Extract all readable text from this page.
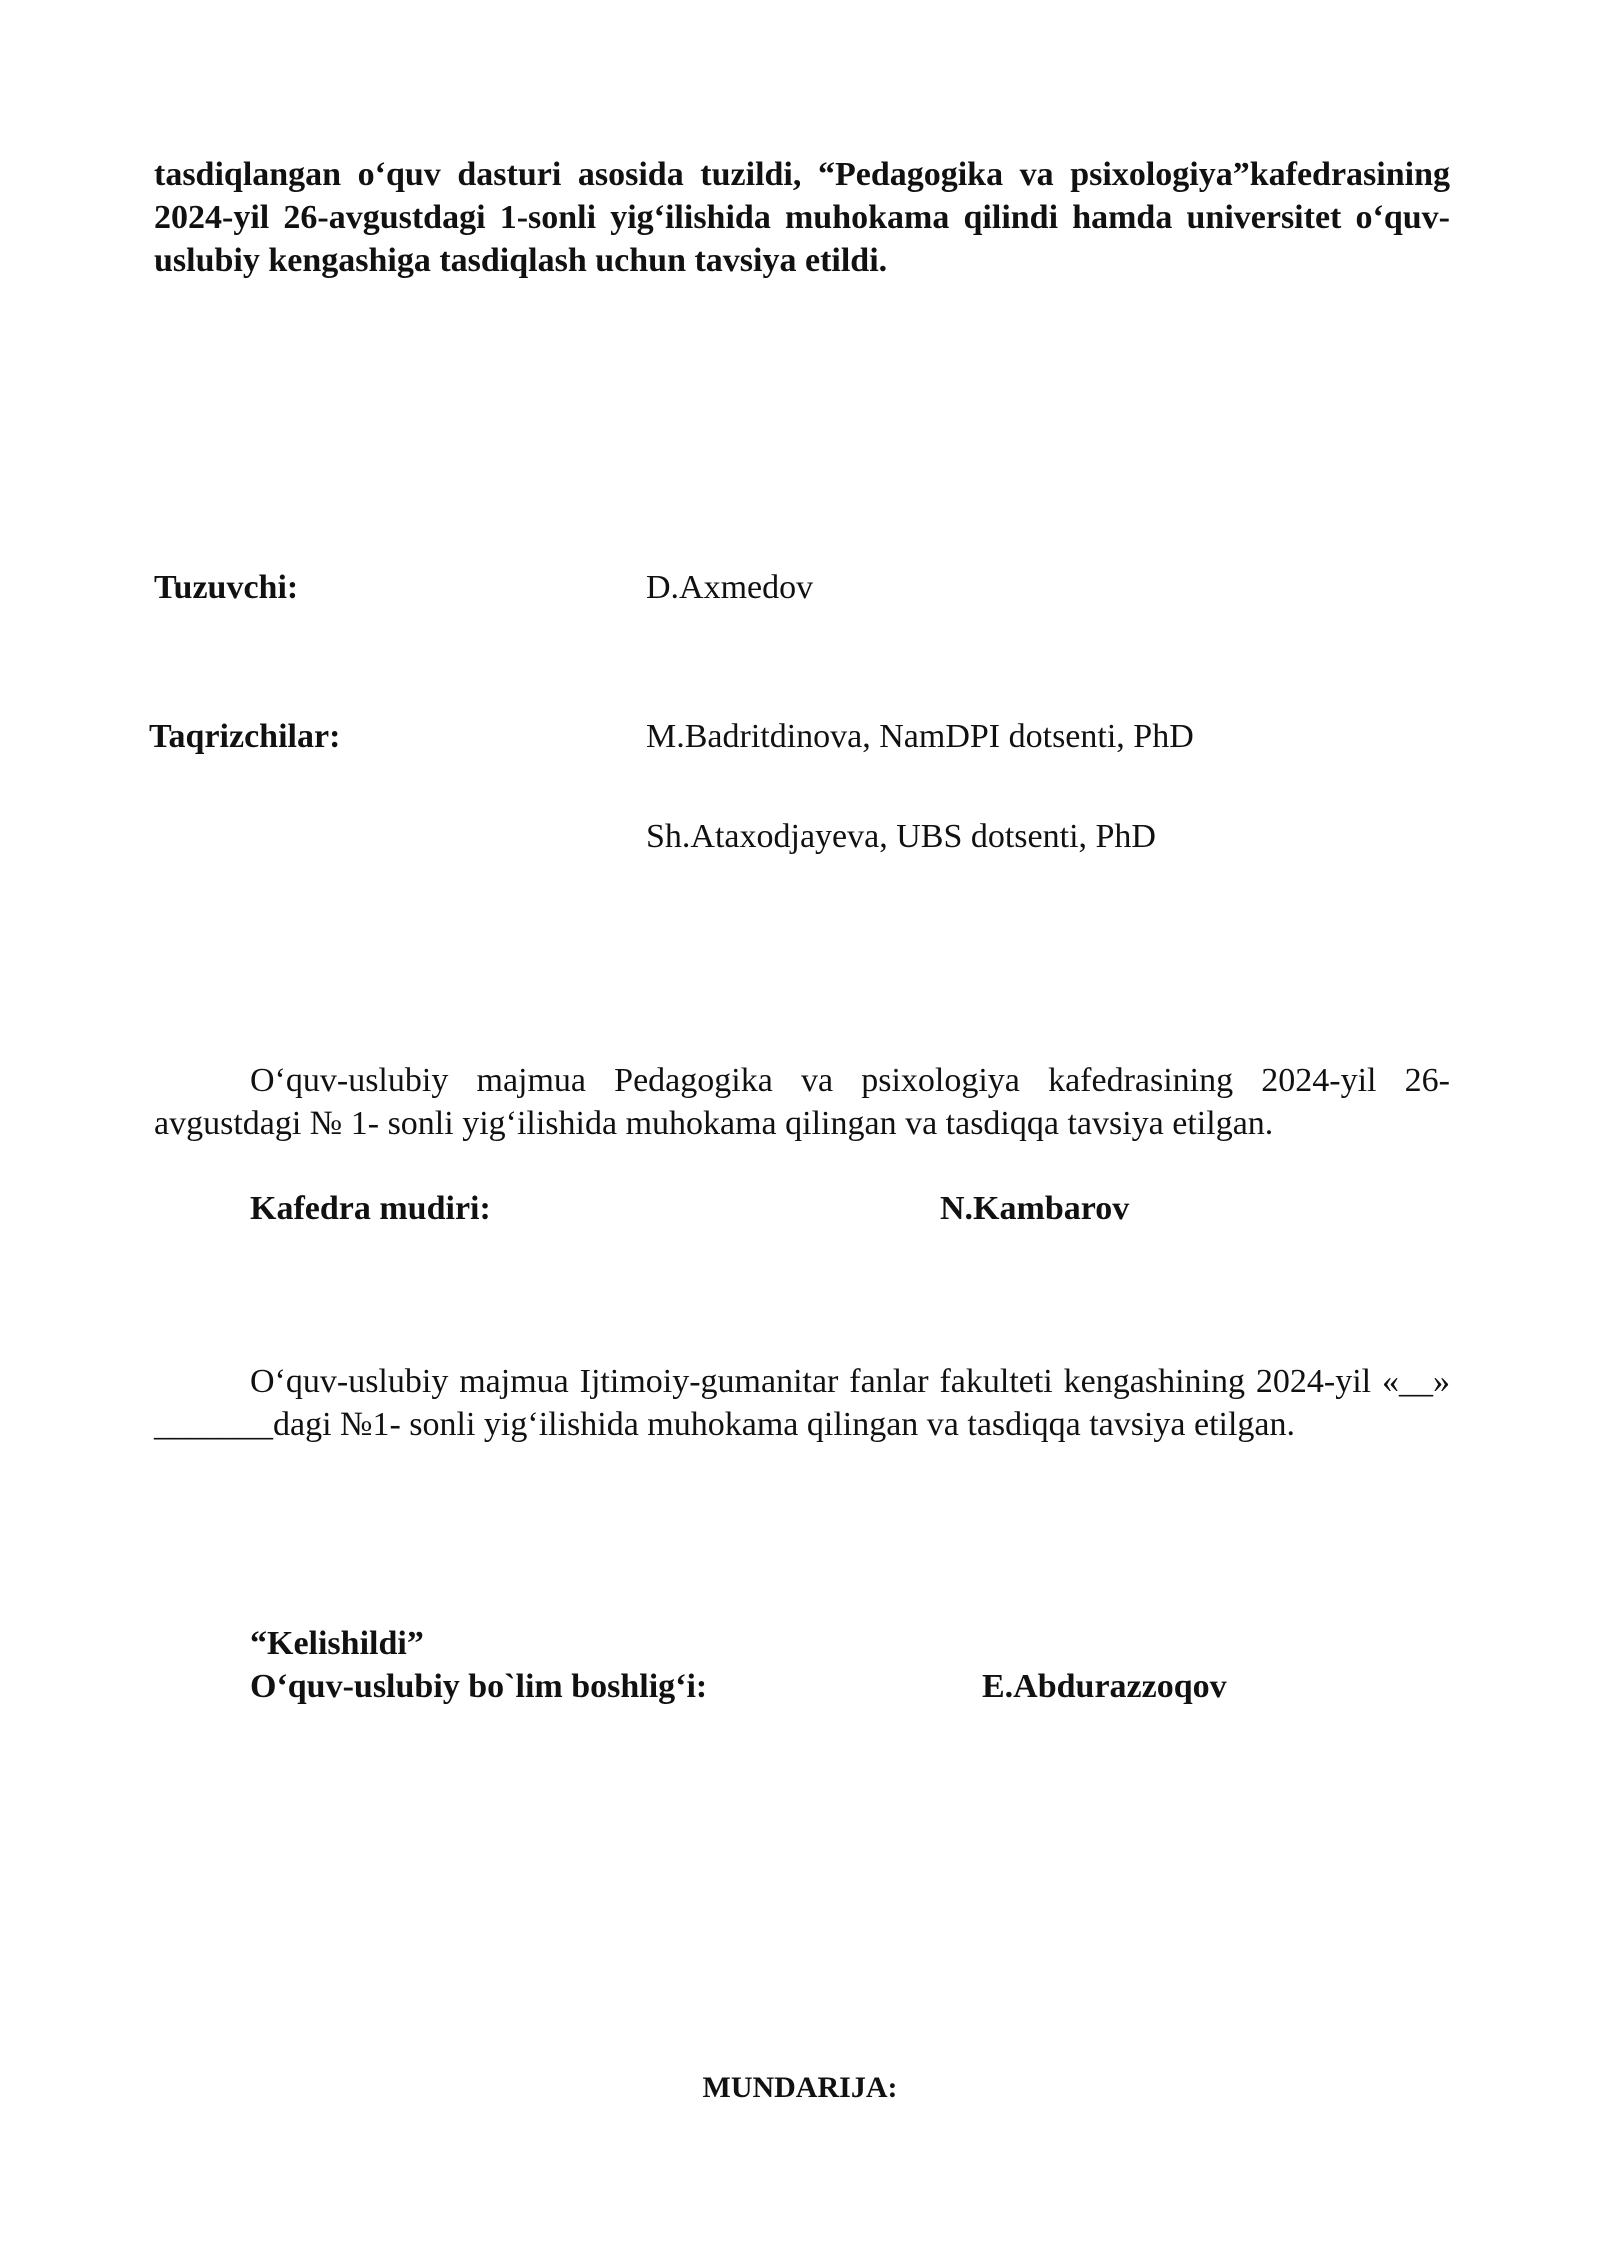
tasdiqlangan o‘quv dasturi asosida tuzildi, “Pedagogika va psixologiya”kafedrasining 2024-yil 26-avgustdagi 1-sonli yig‘ilishida muhokama qilindi hamda universitet o‘quv-uslubiy kengashiga tasdiqlash uchun tavsiya etildi.

Tuzuvchi:	D.Axmedov
Taqrizchilar:	M.Badritdinova, NamDPI dotsenti, PhD
Sh.Ataxodjayeva, UBS dotsenti, PhD

O‘quv-uslubiy majmua Pedagogika va psixologiya kafedrasining 2024-yil 26-avgustdagi № 1- sonli yig‘ilishida muhokama qilingan va tasdiqqa tavsiya etilgan.

Kafedra mudiri:	N.Kambarov

O‘quv-uslubiy majmua Ijtimoiy-gumanitar fanlar fakulteti kengashining 2024-yil «__» _______dagi №1- sonli yig‘ilishida muhokama qilingan va tasdiqqa tavsiya etilgan.

“Kelishildi”
O‘quv-uslubiy bo`lim boshlig‘i:	E.Abdurazzoqov
MUNDARIJA:
